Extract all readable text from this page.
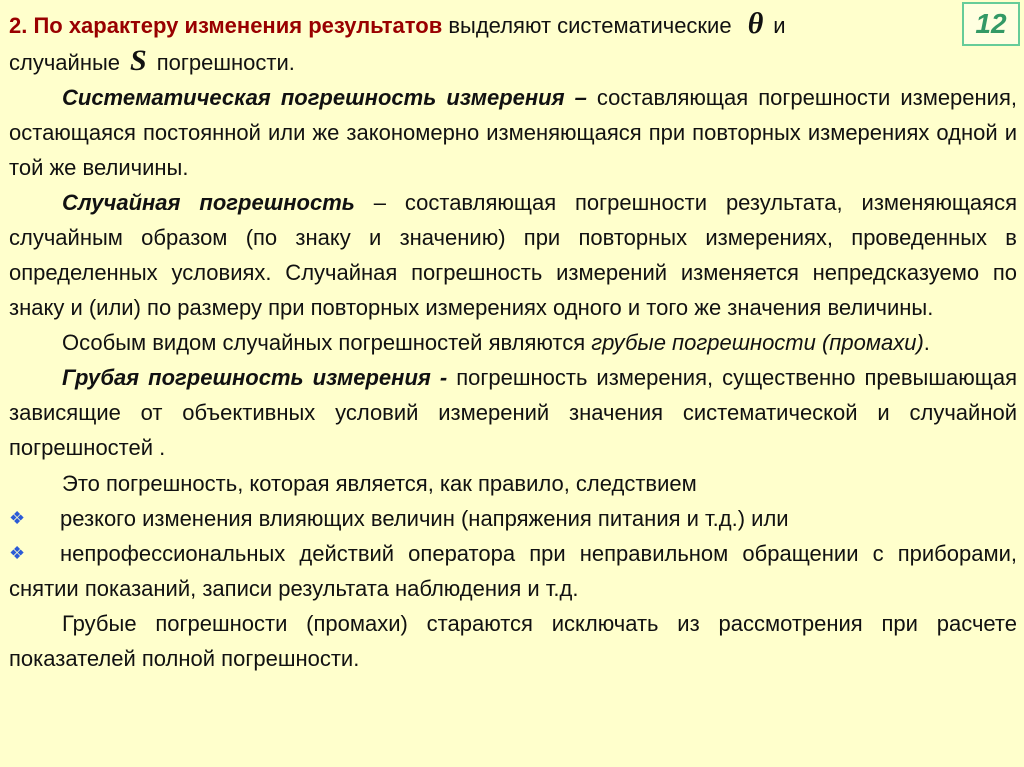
12

2. По характеру изменения результатов выделяют систематические θ и
случайные S погрешности.

Систематическая погрешность измерения – составляющая погрешности измерения, остающаяся постоянной или же закономерно изменяющаяся при повторных измерениях одной и той же величины.

Случайная погрешность – составляющая погрешности результата, изменяющаяся случайным образом (по знаку и значению) при повторных измерениях, проведенных в определенных условиях. Случайная погрешность измерений изменяется непредсказуемо по знаку и (или) по размеру при повторных измерениях одного и того же значения величины.

Особым видом случайных погрешностей являются грубые погрешности (промахи).

Грубая погрешность измерения - погрешность измерения, существенно превышающая зависящие от объективных условий измерений значения систематической и случайной погрешностей .

Это погрешность, которая является, как правило, следствием

❖ резкого изменения влияющих величин (напряжения питания и т.д.) или
❖ непрофессиональных действий оператора при неправильном обращении с приборами, снятии показаний, записи результата наблюдения и т.д.

Грубые погрешности (промахи) стараются исключать из рассмотрения при расчете показателей полной погрешности.
